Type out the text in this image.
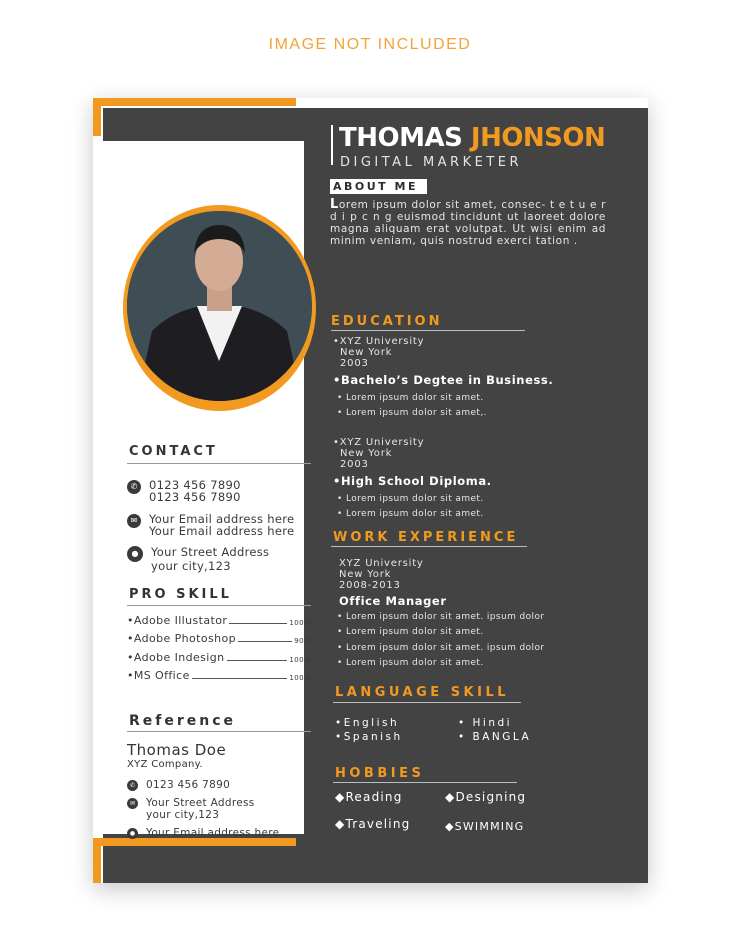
IMAGE NOT INCLUDED
CONTACT
✆	0123 456 7890
0123 456 7890
✉	Your Email address here
Your Email address here
●	Your Street Address
your city,123
PRO SKILL
• Adobe Illustator	100%
• Adobe Photoshop	90%
• Adobe Indesign	100%
• MS Office	100%
Reference
Thomas Doe
XYZ Company.
✆ 0123 456 7890
✉ Your Street Address
your city,123
● Your Email address here
THOMAS JHONSON
DIGITAL MARKETER
ABOUT ME
Lorem ipsum dolor sit amet, consec- t e t u e r d i p c n g euismod tincidunt ut laoreet dolore magna aliquam erat volutpat. Ut wisi enim ad minim veniam, quis nostrud exerci tation .
EDUCATION
•XYZ University
New York
2003
•Bachelo’s Degtee in Business.
• Lorem ipsum dolor sit amet.
• Lorem ipsum dolor sit amet,.
•XYZ University
New York
2003
•High School Diploma.
• Lorem ipsum dolor sit amet.
• Lorem ipsum dolor sit amet.
WORK EXPERIENCE
XYZ University
New York
2008-2013
Office Manager
• Lorem ipsum dolor sit amet. ipsum dolor
• Lorem ipsum dolor sit amet.
• Lorem ipsum dolor sit amet. ipsum dolor
• Lorem ipsum dolor sit amet.
LANGUAGE SKILL
•English	• Hindi
•Spanish	• BANGLA
HOBBIES
◆Reading	◆Designing
◆Traveling	◆SWIMMING
